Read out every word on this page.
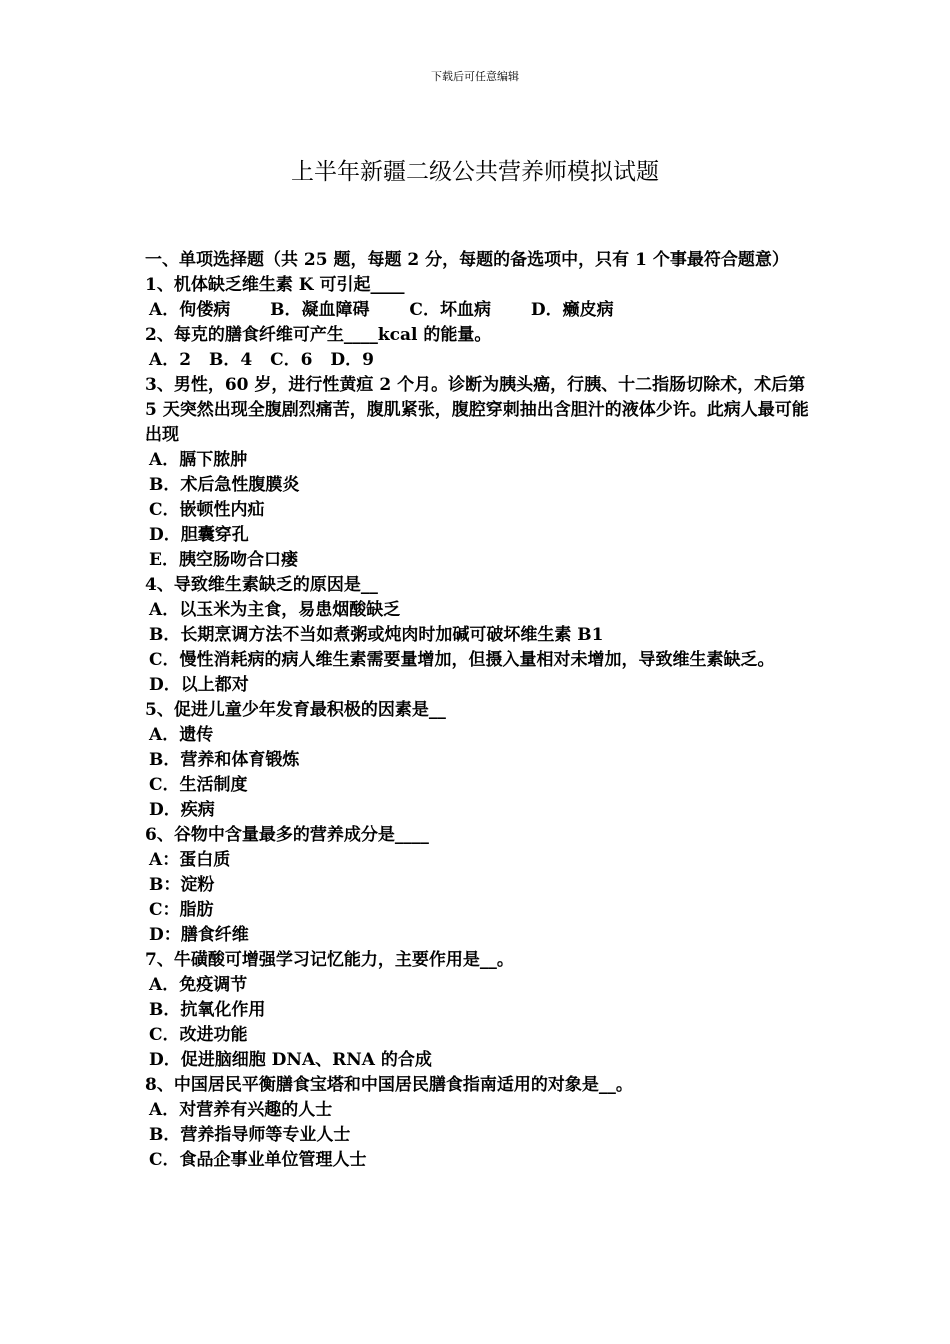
下载后可任意编辑
上半年新疆二级公共营养师模拟试题
一、单项选择题（共 25 题，每题 2 分，每题的备选项中，只有 1 个事最符合题意）
1、机体缺乏维生素 K 可引起____
A．佝偻病 B．凝血障碍 C．坏血病 D．癞皮病
2、每克的膳食纤维可产生____kcal 的能量。
A．2 B．4 C．6 D．9
3、男性，60 岁，进行性黄疸 2 个月。诊断为胰头癌，行胰、十二指肠切除术，术后第 5 天突然出现全腹剧烈痛苦，腹肌紧张，腹腔穿刺抽出含胆汁的液体少许。此病人最可能出现
A．膈下脓肿
B．术后急性腹膜炎
C．嵌顿性内疝
D．胆囊穿孔
E．胰空肠吻合口瘘
4、导致维生素缺乏的原因是__
A．以玉米为主食，易患烟酸缺乏
B．长期烹调方法不当如煮粥或炖肉时加碱可破坏维生素 B1
C．慢性消耗病的病人维生素需要量增加，但摄入量相对未增加，导致维生素缺乏。
D．以上都对
5、促进儿童少年发育最积极的因素是__
A．遗传
B．营养和体育锻炼
C．生活制度
D．疾病
6、谷物中含量最多的营养成分是____
A：蛋白质
B：淀粉
C：脂肪
D：膳食纤维
7、牛磺酸可增强学习记忆能力，主要作用是__。
A．免疫调节
B．抗氧化作用
C．改进功能
D．促进脑细胞 DNA、RNA 的合成
8、中国居民平衡膳食宝塔和中国居民膳食指南适用的对象是__。
A．对营养有兴趣的人士
B．营养指导师等专业人士
C．食品企事业单位管理人士
